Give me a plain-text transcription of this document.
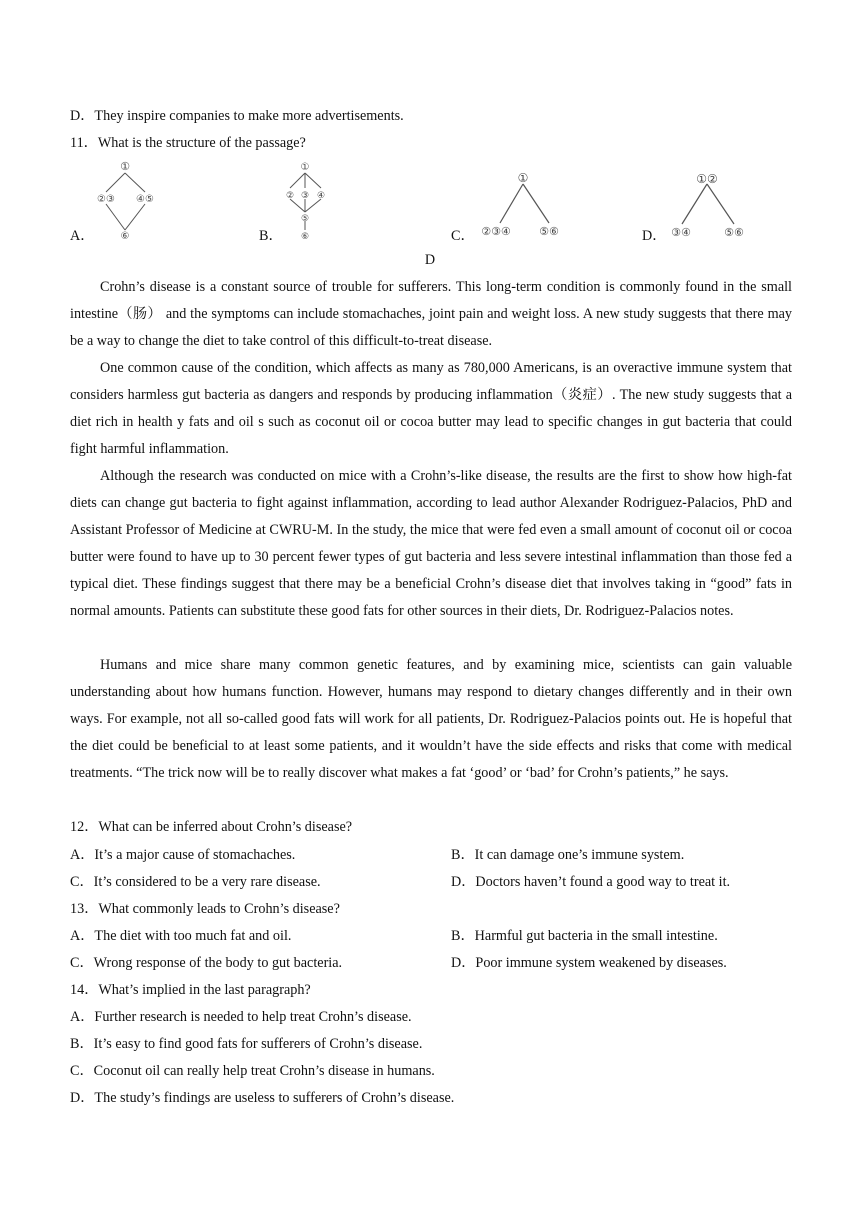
D．They inspire companies to make more advertisements.
11．What is the structure of the passage?
A．
①
②③ ④⑤
⑥	B．
①
② ③ ④
⑤
⑥	C．
①
②③④	⑤⑥	D．
①②
③④	⑤⑥
D
Crohn’s disease is a constant source of trouble for sufferers. This long-term condition is commonly found in the small intestine（肠） and the symptoms can include stomachaches, joint pain and weight loss. A new study suggests that there may be a way to change the diet to take control of this difficult-to-treat disease.
One common cause of the condition, which affects as many as 780,000 Americans, is an overactive immune system that considers harmless gut bacteria as dangers and responds by producing inflammation（炎症）. The new study suggests that a diet rich in health y fats and oil s such as coconut oil or cocoa butter may lead to specific changes in gut bacteria that could fight harmful inflammation.
Although the research was conducted on mice with a Crohn’s-like disease, the results are the first to show how high-fat diets can change gut bacteria to fight against inflammation, according to lead author Alexander Rodriguez-Palacios, PhD and Assistant Professor of Medicine at CWRU-M. In the study, the mice that were fed even a small amount of coconut oil or cocoa butter were found to have up to 30 percent fewer types of gut bacteria and less severe intestinal inflammation than those fed a typical diet. These findings suggest that there may be a beneficial Crohn’s disease diet that involves taking in “good” fats in normal amounts. Patients can substitute these good fats for other sources in their diets, Dr. Rodriguez-Palacios notes.
Humans and mice share many common genetic features, and by examining mice, scientists can gain valuable understanding about how humans function. However, humans may respond to dietary changes differently and in their own ways. For example, not all so-called good fats will work for all patients, Dr. Rodriguez-Palacios points out. He is hopeful that the diet could be beneficial to at least some patients, and it wouldn’t have the side effects and risks that come with medical treatments. “The trick now will be to really discover what makes a fat ‘good’ or ‘bad’ for Crohn’s patients,” he says.
12．What can be inferred about Crohn’s disease?
A．It’s a major cause of stomachaches.	B．It can damage one’s immune system.
C．It’s considered to be a very rare disease.	D．Doctors haven’t found a good way to treat it.
13．What commonly leads to Crohn’s disease?
A．The diet with too much fat and oil.	B．Harmful gut bacteria in the small intestine.
C．Wrong response of the body to gut bacteria.	D．Poor immune system weakened by diseases.
14．What’s implied in the last paragraph?
A．Further research is needed to help treat Crohn’s disease.
B．It’s easy to find good fats for sufferers of Crohn’s disease.
C．Coconut oil can really help treat Crohn’s disease in humans.
D．The study’s findings are useless to sufferers of Crohn’s disease.
